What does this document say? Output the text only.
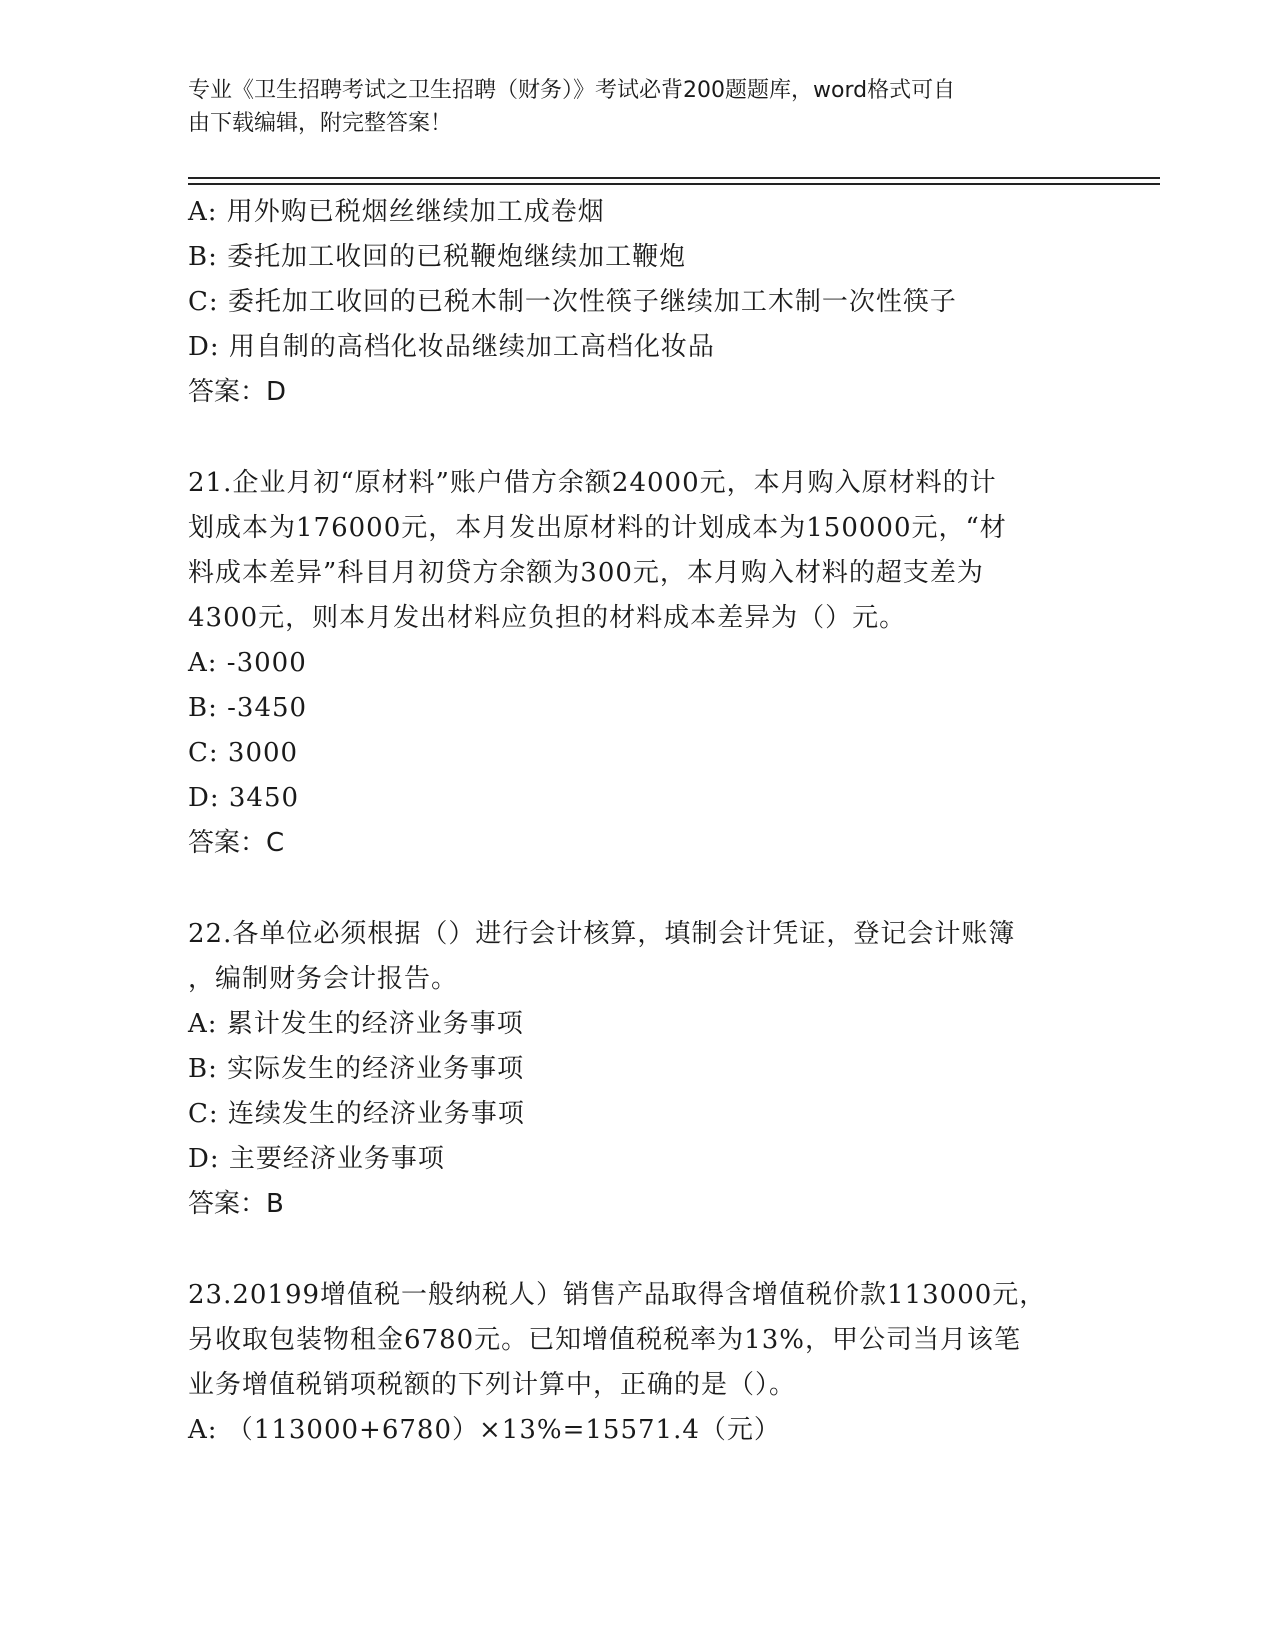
专业《卫生招聘考试之卫生招聘（财务）》考试必背200题题库，word格式可自
由下载编辑，附完整答案！
A: 用外购已税烟丝继续加工成卷烟
B: 委托加工收回的已税鞭炮继续加工鞭炮
C: 委托加工收回的已税木制一次性筷子继续加工木制一次性筷子
D: 用自制的高档化妆品继续加工高档化妆品
答案：D
21.企业月初“原材料”账户借方余额24000元，本月购入原材料的计
划成本为176000元，本月发出原材料的计划成本为150000元，“材
料成本差异”科目月初贷方余额为300元，本月购入材料的超支差为
4300元，则本月发出材料应负担的材料成本差异为（）元。
A: -3000
B: -3450
C: 3000
D: 3450
答案：C
22.各单位必须根据（）进行会计核算，填制会计凭证，登记会计账簿
，编制财务会计报告。
A: 累计发生的经济业务事项
B: 实际发生的经济业务事项
C: 连续发生的经济业务事项
D: 主要经济业务事项
答案：B
23.20199增值税一般纳税人）销售产品取得含增值税价款113000元，
另收取包装物租金6780元。已知增值税税率为13%，甲公司当月该笔
业务增值税销项税额的下列计算中，正确的是（）。
A: （113000+6780）×13%=15571.4（元）
